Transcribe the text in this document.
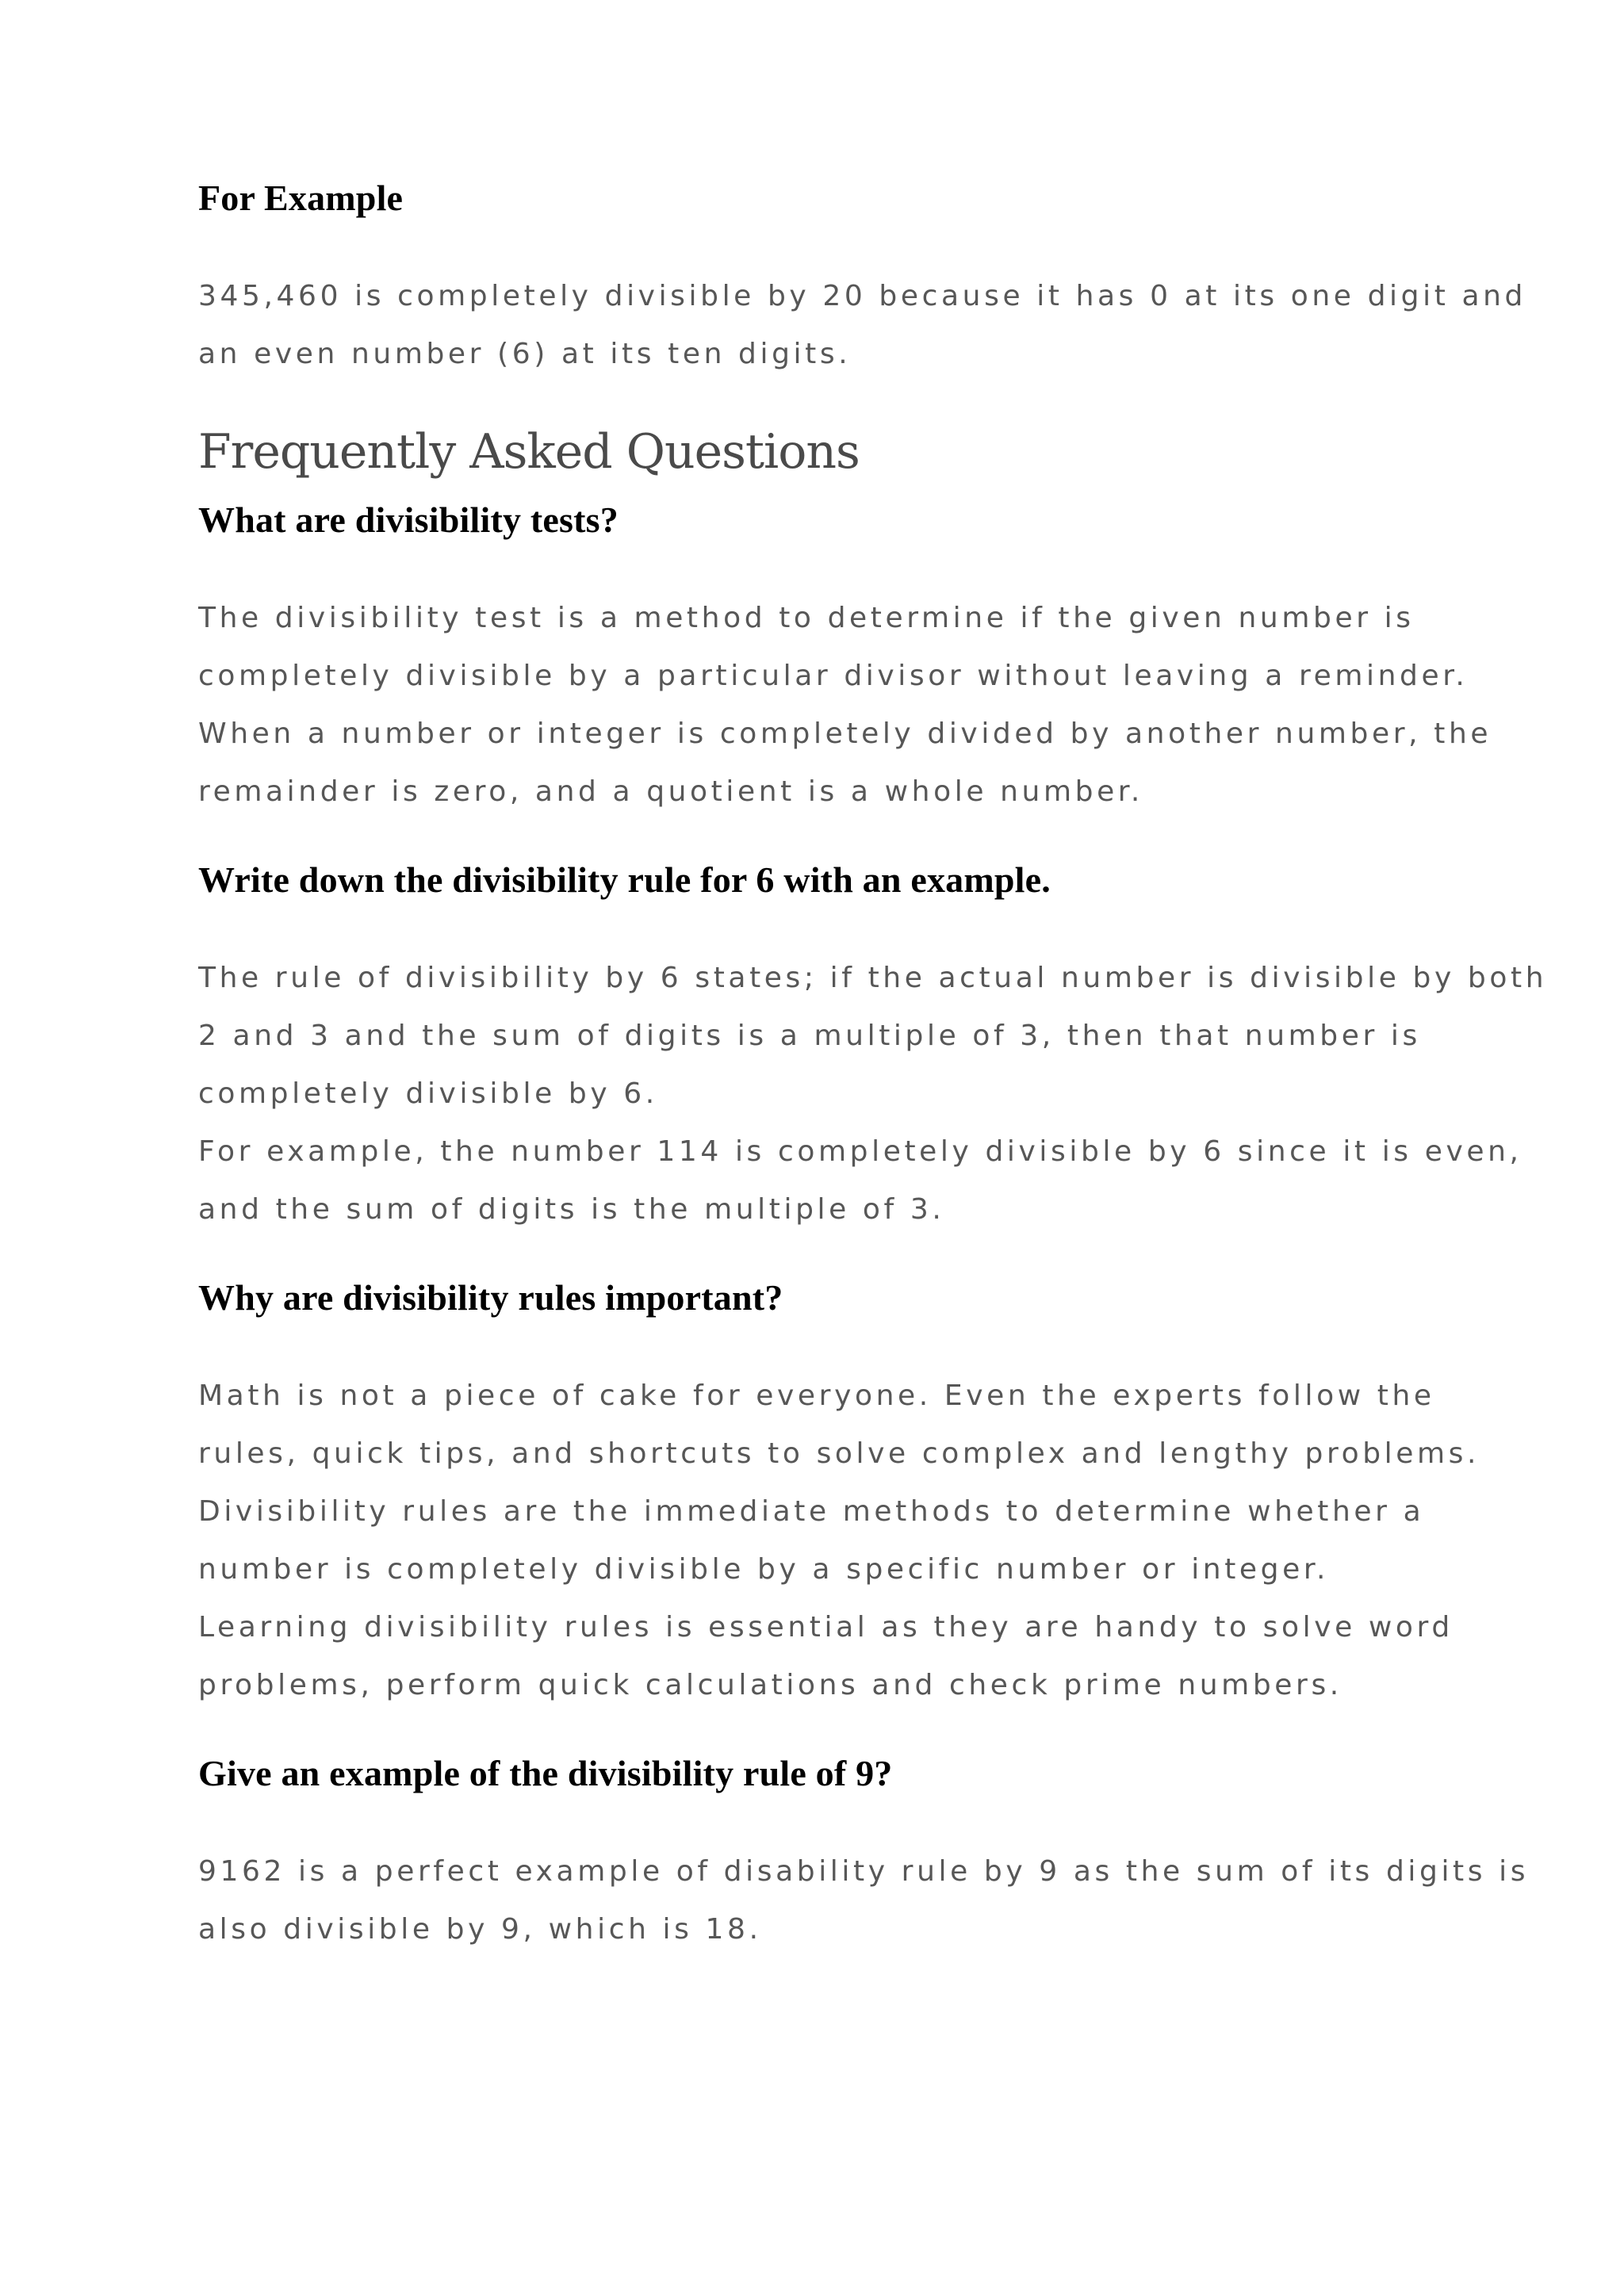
For Example
345,460 is completely divisible by 20 because it has 0 at its one digit and
an even number (6) at its ten digits.
Frequently Asked Questions
What are divisibility tests?
The divisibility test is a method to determine if the given number is
completely divisible by a particular divisor without leaving a reminder.
When a number or integer is completely divided by another number, the
remainder is zero, and a quotient is a whole number.
Write down the divisibility rule for 6 with an example.
The rule of divisibility by 6 states; if the actual number is divisible by both
2 and 3 and the sum of digits is a multiple of 3, then that number is
completely divisible by 6.
For example, the number 114 is completely divisible by 6 since it is even,
and the sum of digits is the multiple of 3.
Why are divisibility rules important?
Math is not a piece of cake for everyone. Even the experts follow the
rules, quick tips, and shortcuts to solve complex and lengthy problems.
Divisibility rules are the immediate methods to determine whether a
number is completely divisible by a specific number or integer.
Learning divisibility rules is essential as they are handy to solve word
problems, perform quick calculations and check prime numbers.
Give an example of the divisibility rule of 9?
9162 is a perfect example of disability rule by 9 as the sum of its digits is
also divisible by 9, which is 18.
